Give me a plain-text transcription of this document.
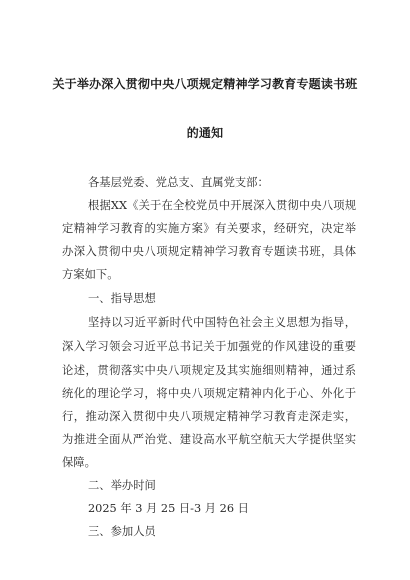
关于举办深入贯彻中央八项规定精神学习教育专题读书班
的通知
各基层党委、党总支、直属党支部：
根据XX《关于在全校党员中开展深入贯彻中央八项规
定精神学习教育的实施方案》有关要求，经研究，决定举
办深入贯彻中央八项规定精神学习教育专题读书班，具体
方案如下。
一、指导思想
坚持以习近平新时代中国特色社会主义思想为指导，
深入学习领会习近平总书记关于加强党的作风建设的重要
论述，贯彻落实中央八项规定及其实施细则精神，通过系
统化的理论学习，将中央八项规定精神内化于心、外化于
行，推动深入贯彻中央八项规定精神学习教育走深走实，
为推进全面从严治党、建设高水平航空航天大学提供坚实
保障。
二、举办时间
2025 年 3 月 25 日-3 月 26 日
三、参加人员
